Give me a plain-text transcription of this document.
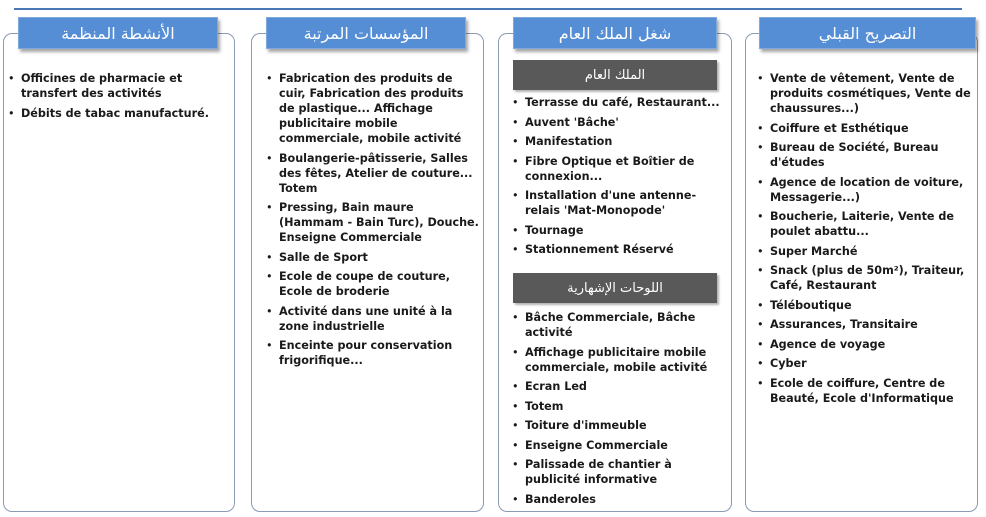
الأنشطة المنظمة
• Officines de pharmacie et transfert des activités
• Débits de tabac manufacturé.
المؤسسات المرتبة
• Fabrication des produits de cuir, Fabrication des produits de plastique... Affichage publicitaire mobile commerciale, mobile activité
• Boulangerie-pâtisserie, Salles des fêtes, Atelier de couture... Totem
• Pressing, Bain maure (Hammam - Bain Turc), Douche. Enseigne Commerciale
• Salle de Sport
• Ecole de coupe de couture, Ecole de broderie
• Activité dans une unité à la zone industrielle
• Enceinte pour conservation frigorifique...
شغل الملك العام
الملك العام
• Terrasse du café, Restaurant...
• Auvent 'Bâche'
• Manifestation
• Fibre Optique et Boîtier de connexion...
• Installation d'une antenne-relais 'Mat-Monopode'
• Tournage
• Stationnement Réservé
اللوحات الإشهارية
• Bâche Commerciale, Bâche activité
• Affichage publicitaire mobile commerciale, mobile activité
• Ecran Led
• Totem
• Toiture d'immeuble
• Enseigne Commerciale
• Palissade de chantier à publicité informative
• Banderoles
التصريح القبلي
• Vente de vêtement, Vente de produits cosmétiques, Vente de chaussures...)
• Coiffure et Esthétique
• Bureau de Société, Bureau d'études
• Agence de location de voiture, Messagerie...)
• Boucherie, Laiterie, Vente de poulet abattu...
• Super Marché
• Snack (plus de 50m²), Traiteur, Café, Restaurant
• Téléboutique
• Assurances, Transitaire
• Agence de voyage
• Cyber
• Ecole de coiffure, Centre de Beauté, Ecole d'Informatique
